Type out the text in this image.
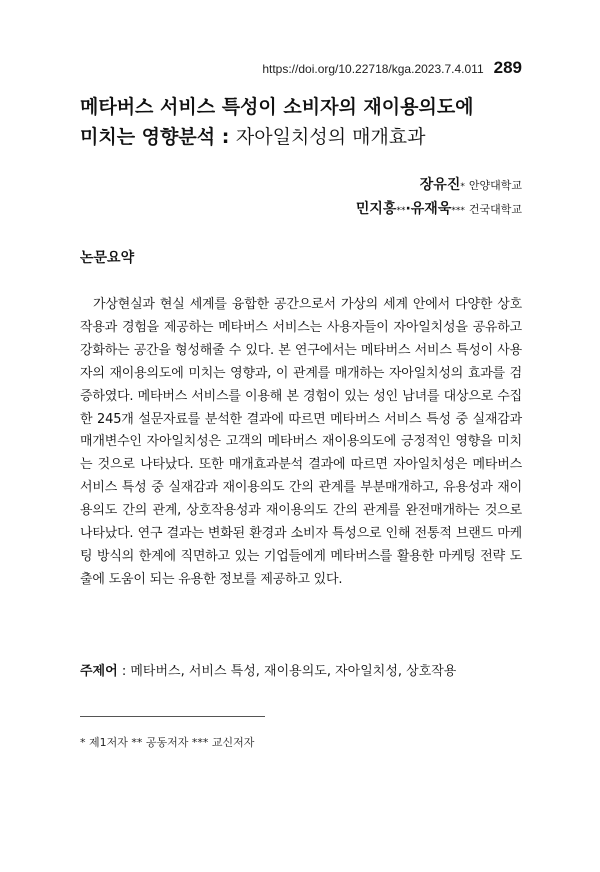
https://doi.org/10.22718/kga.2023.7.4.011 289
메타버스 서비스 특성이 소비자의 재이용의도에
미치는 영향분석 : 자아일치성의 매개효과
장유진* 안양대학교
민지홍**·유재욱*** 건국대학교
논문요약

가상현실과 현실 세계를 융합한 공간으로서 가상의 세계 안에서 다양한 상호작용과 경험을 제공하는 메타버스 서비스는 사용자들이 자아일치성을 공유하고 강화하는 공간을 형성해줄 수 있다. 본 연구에서는 메타버스 서비스 특성이 사용자의 재이용의도에 미치는 영향과, 이 관계를 매개하는 자아일치성의 효과를 검증하였다. 메타버스 서비스를 이용해 본 경험이 있는 성인 남녀를 대상으로 수집한 245개 설문자료를 분석한 결과에 따르면 메타버스 서비스 특성 중 실재감과 매개변수인 자아일치성은 고객의 메타버스 재이용의도에 긍정적인 영향을 미치는 것으로 나타났다. 또한 매개효과분석 결과에 따르면 자아일치성은 메타버스 서비스 특성 중 실재감과 재이용의도 간의 관계를 부분매개하고, 유용성과 재이용의도 간의 관계, 상호작용성과 재이용의도 간의 관계를 완전매개하는 것으로 나타났다. 연구 결과는 변화된 환경과 소비자 특성으로 인해 전통적 브랜드 마케팅 방식의 한계에 직면하고 있는 기업들에게 메타버스를 활용한 마케팅 전략 도출에 도움이 되는 유용한 정보를 제공하고 있다.

주제어 : 메타버스, 서비스 특성, 재이용의도, 자아일치성, 상호작용
* 제1저자 ** 공동저자 *** 교신저자
